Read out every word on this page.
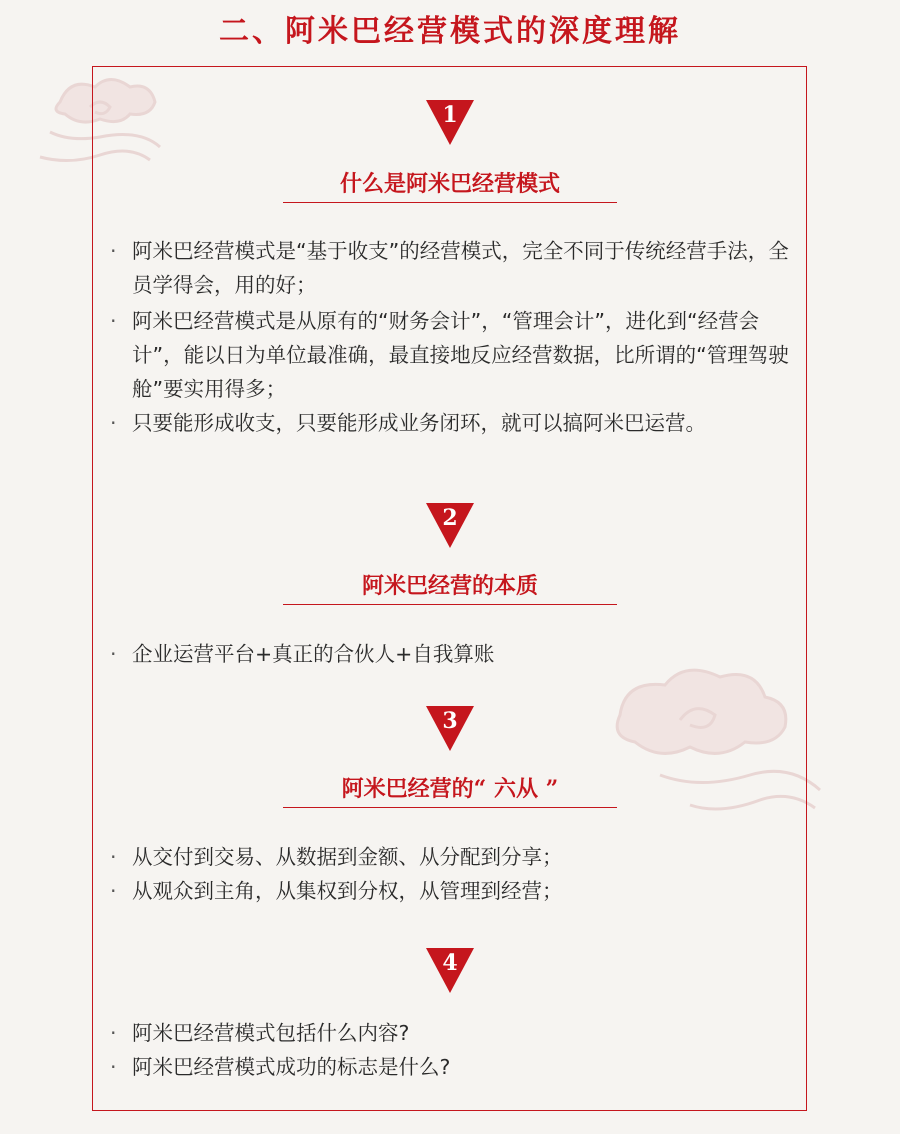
二、阿米巴经营模式的深度理解
1
什么是阿米巴经营模式
· 阿米巴经营模式是“基于收支”的经营模式，完全不同于传统经营手法，全员学得会，用的好；
· 阿米巴经营模式是从原有的“财务会计”，“管理会计”，进化到“经营会计”，能以日为单位最准确，最直接地反应经营数据，比所谓的“管理驾驶舱”要实用得多；
· 只要能形成收支，只要能形成业务闭环，就可以搞阿米巴运营。
2
阿米巴经营的本质
· 企业运营平台+真正的合伙人+自我算账
3
阿米巴经营的“ 六从 ”
· 从交付到交易、从数据到金额、从分配到分享；
· 从观众到主角，从集权到分权，从管理到经营；
4
· 阿米巴经营模式包括什么内容?
· 阿米巴经营模式成功的标志是什么?
